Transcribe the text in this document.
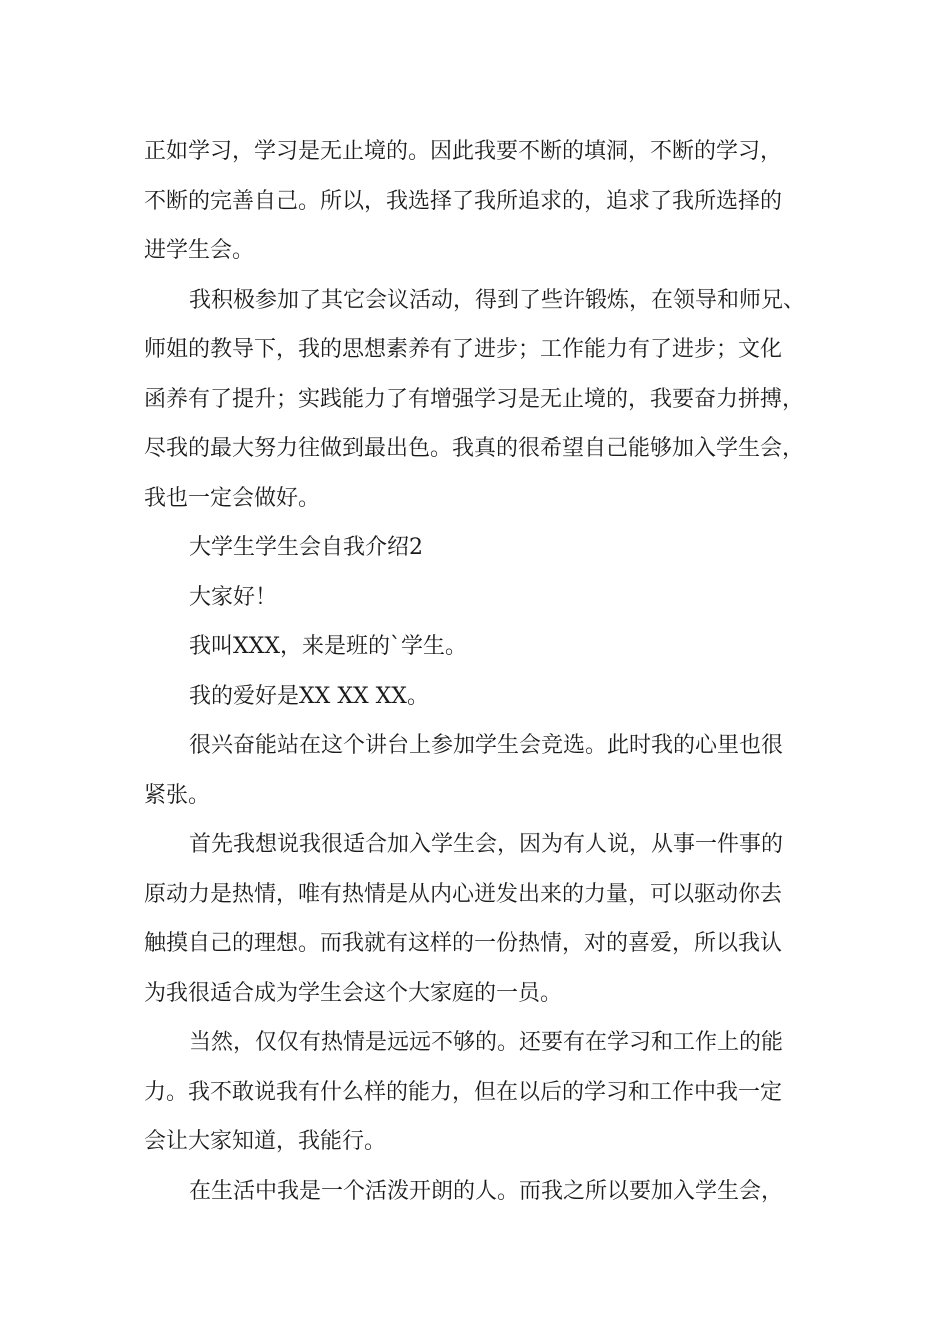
正如学习，学习是无止境的。因此我要不断的填洞，不断的学习，
不断的完善自己。所以，我选择了我所追求的，追求了我所选择的
进学生会。

我积极参加了其它会议活动，得到了些许锻炼，在领导和师兄、
师姐的教导下，我的思想素养有了进步；工作能力有了进步；文化
函养有了提升；实践能力了有增强学习是无止境的，我要奋力拼搏，
尽我的最大努力往做到最出色。我真的很希望自己能够加入学生会，
我也一定会做好。

大学生学生会自我介绍2

大家好！

我叫XXX，来是班的`学生。

我的爱好是XX XX XX。

很兴奋能站在这个讲台上参加学生会竞选。此时我的心里也很
紧张。

首先我想说我很适合加入学生会，因为有人说，从事一件事的
原动力是热情，唯有热情是从内心迸发出来的力量，可以驱动你去
触摸自己的理想。而我就有这样的一份热情，对的喜爱，所以我认
为我很适合成为学生会这个大家庭的一员。

当然，仅仅有热情是远远不够的。还要有在学习和工作上的能
力。我不敢说我有什么样的能力，但在以后的学习和工作中我一定
会让大家知道，我能行。

在生活中我是一个活泼开朗的人。而我之所以要加入学生会，
